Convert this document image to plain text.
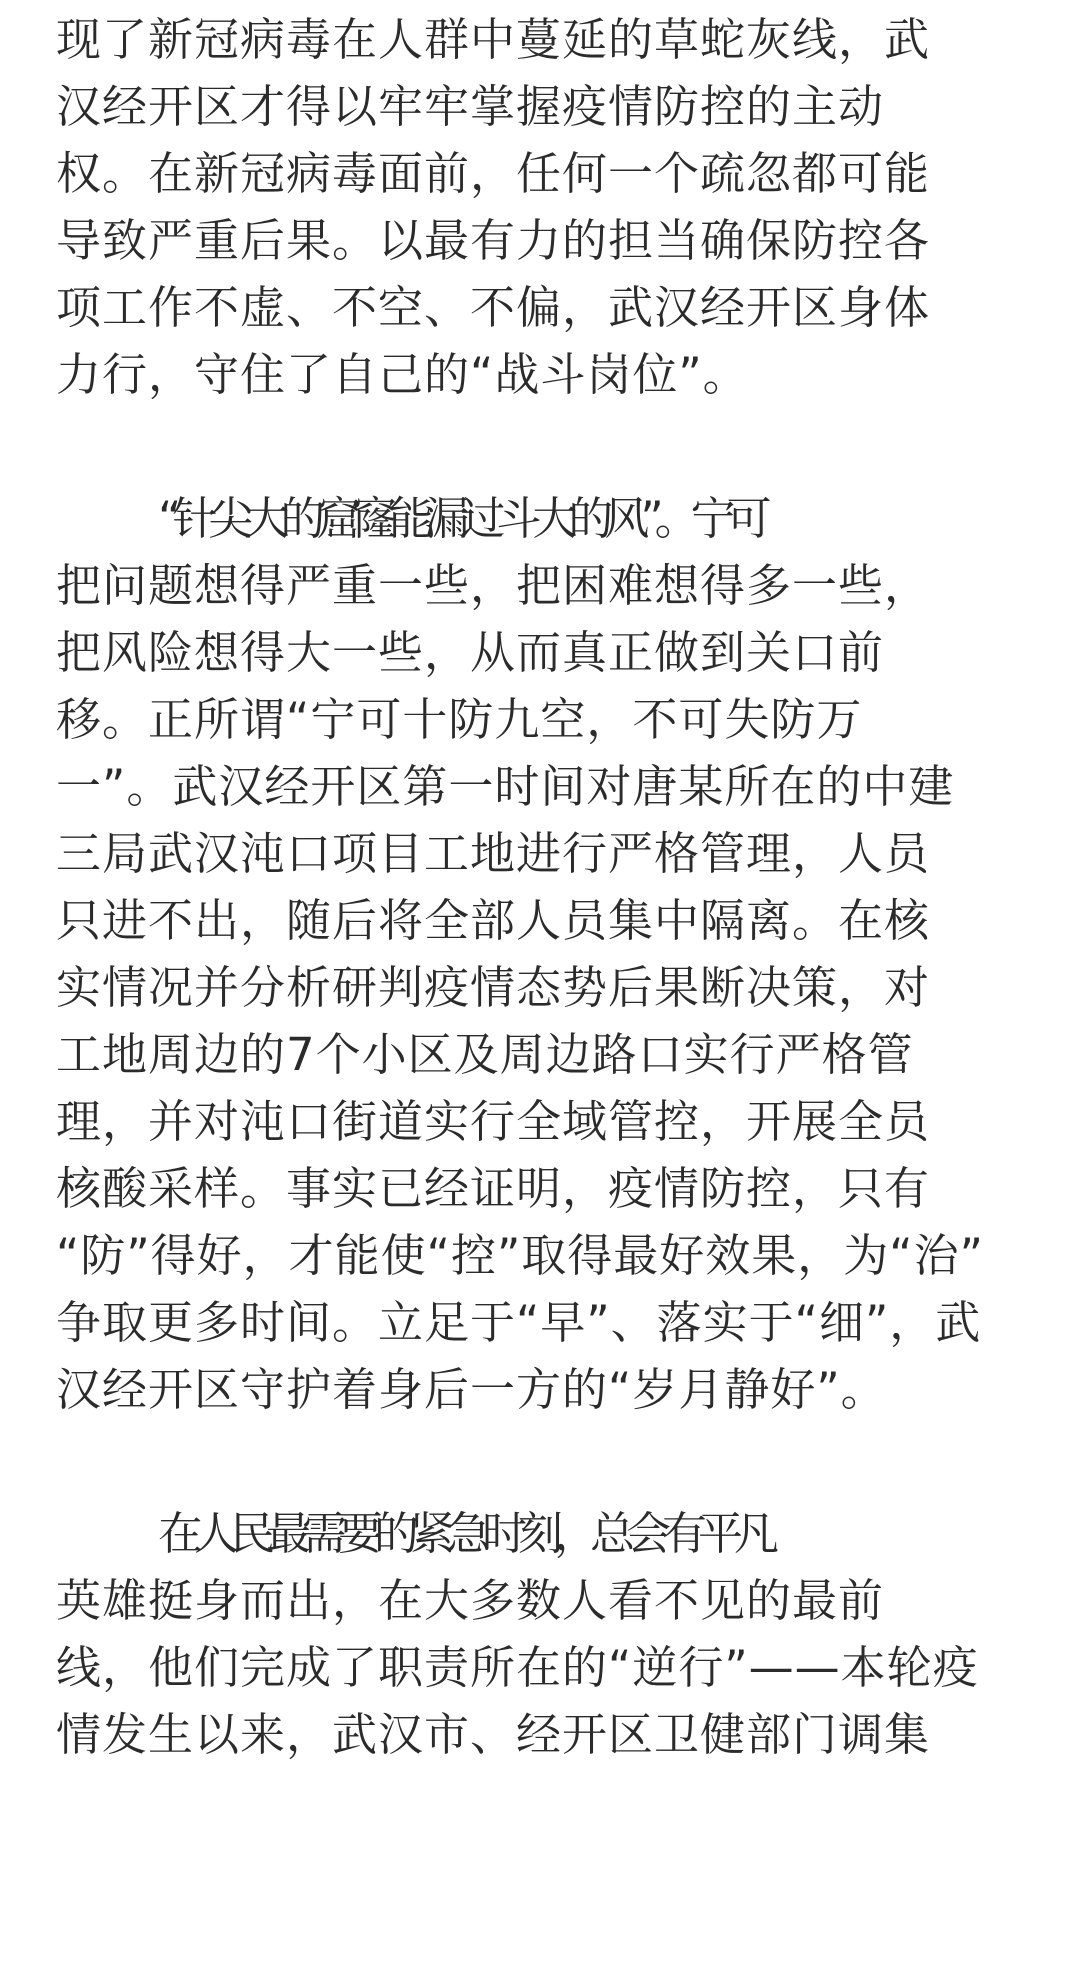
现了新冠病毒在人群中蔓延的草蛇灰线，武
汉经开区才得以牢牢掌握疫情防控的主动
权。在新冠病毒面前，任何一个疏忽都可能
导致严重后果。以最有力的担当确保防控各
项工作不虚、不空、不偏，武汉经开区身体
力行，守住了自己的“战斗岗位”。
“针尖大的窟窿能漏过斗大的风”。宁可
把问题想得严重一些，把困难想得多一些，
把风险想得大一些，从而真正做到关口前
移。正所谓“宁可十防九空，不可失防万
一”。武汉经开区第一时间对唐某所在的中建
三局武汉沌口项目工地进行严格管理，人员
只进不出，随后将全部人员集中隔离。在核
实情况并分析研判疫情态势后果断决策，对
工地周边的7个小区及周边路口实行严格管
理，并对沌口街道实行全域管控，开展全员
核酸采样。事实已经证明，疫情防控，只有
“防”得好，才能使“控”取得最好效果，为“治”
争取更多时间。立足于“早”、落实于“细”，武
汉经开区守护着身后一方的“岁月静好”。
在人民最需要的紧急时刻，总会有平凡
英雄挺身而出，在大多数人看不见的最前
线，他们完成了职责所在的“逆行”——本轮疫
情发生以来，武汉市、经开区卫健部门调集
